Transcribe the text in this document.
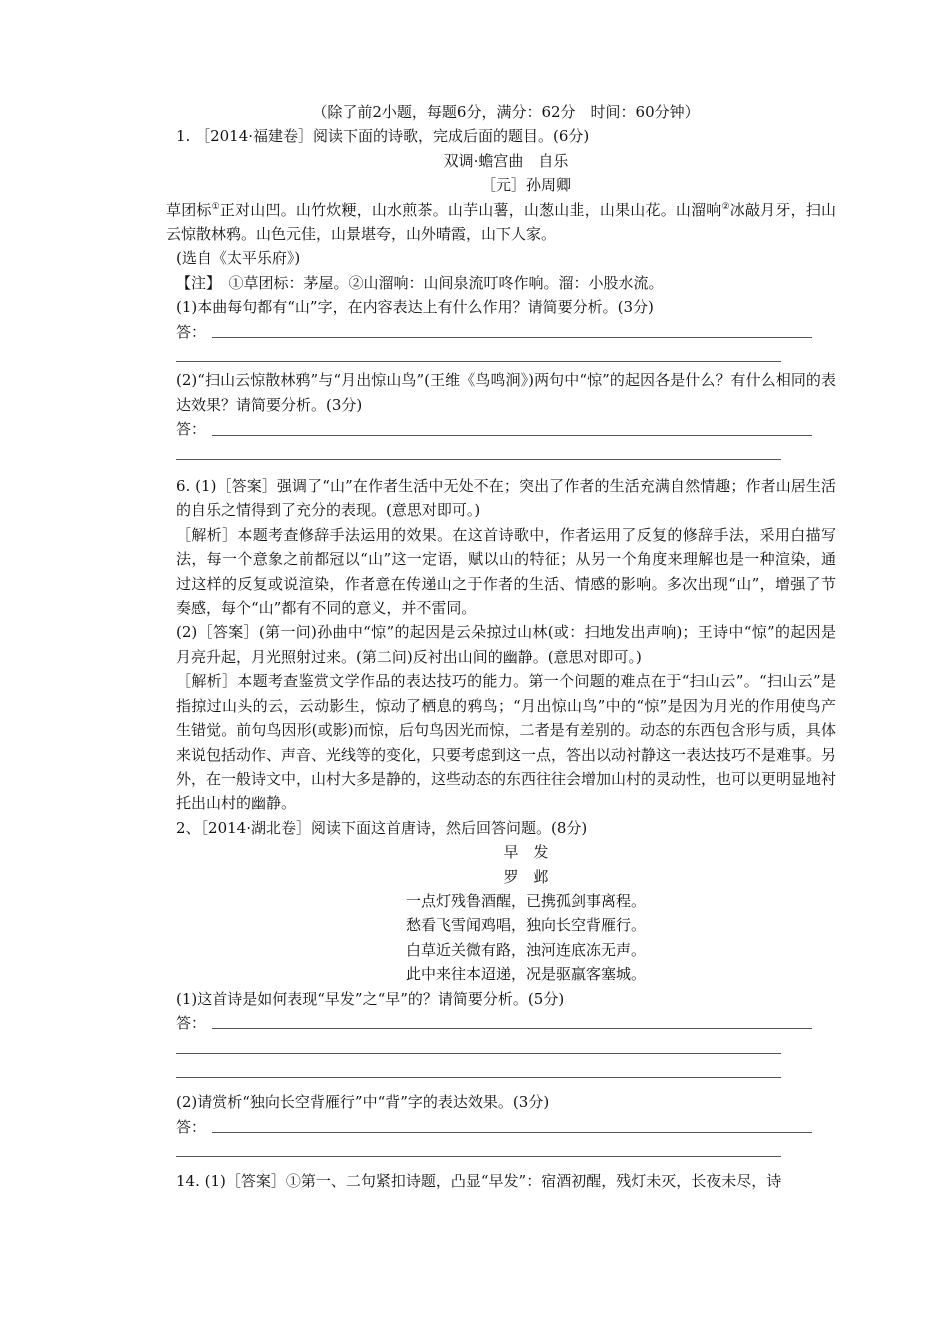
（除了前2小题，每题6分，满分：62分　时间：60分钟）

1. ［2014·福建卷］阅读下面的诗歌，完成后面的题目。(6分)

双调·蟾宫曲　自乐

［元］孙周卿

草团标①正对山凹。山竹炊粳，山水煎茶。山芋山薯，山葱山韭，山果山花。山溜响②冰敲月牙，扫山云惊散林鸦。山色元佳，山景堪夸，山外晴霞，山下人家。

(选自《太平乐府》)

【注】　①草团标：茅屋。②山溜响：山间泉流叮咚作响。溜：小股水流。

(1)本曲每句都有“山”字，在内容表达上有什么作用？请简要分析。(3分)

答：

(2)“扫山云惊散林鸦”与“月出惊山鸟”(王维《鸟鸣涧》)两句中“惊”的起因各是什么？有什么相同的表达效果？请简要分析。(3分)

答：

6. (1)［答案］强调了“山”在作者生活中无处不在；突出了作者的生活充满自然情趣；作者山居生活的自乐之情得到了充分的表现。(意思对即可。)

［解析］本题考查修辞手法运用的效果。在这首诗歌中，作者运用了反复的修辞手法，采用白描写法，每一个意象之前都冠以“山”这一定语，赋以山的特征；从另一个角度来理解也是一种渲染，通过这样的反复或说渲染，作者意在传递山之于作者的生活、情感的影响。多次出现“山”，增强了节奏感，每个“山”都有不同的意义，并不雷同。

(2)［答案］(第一问)孙曲中“惊”的起因是云朵掠过山林(或：扫地发出声响)；王诗中“惊”的起因是月亮升起，月光照射过来。(第二问)反衬出山间的幽静。(意思对即可。)

［解析］本题考查鉴赏文学作品的表达技巧的能力。第一个问题的难点在于“扫山云”。“扫山云”是指掠过山头的云，云动影生，惊动了栖息的鸦鸟；“月出惊山鸟”中的“惊”是因为月光的作用使鸟产生错觉。前句鸟因形(或影)而惊，后句鸟因光而惊，二者是有差别的。动态的东西包含形与质，具体来说包括动作、声音、光线等的变化，只要考虑到这一点，答出以动衬静这一表达技巧不是难事。另外，在一般诗文中，山村大多是静的，这些动态的东西往往会增加山村的灵动性，也可以更明显地衬托出山村的幽静。

2、［2014·湖北卷］阅读下面这首唐诗，然后回答问题。(8分)

早　发

罗　邺

一点灯残鲁酒醒，已携孤剑事离程。

愁看飞雪闻鸡唱，独向长空背雁行。

白草近关微有路，浊河连底冻无声。

此中来往本迢递，况是驱羸客塞城。

(1)这首诗是如何表现“早发”之“早”的？请简要分析。(5分)

答：

(2)请赏析“独向长空背雁行”中“背”字的表达效果。(3分)

答：

14. (1)［答案］①第一、二句紧扣诗题，凸显“早发”：宿酒初醒，残灯未灭，长夜未尽，诗
